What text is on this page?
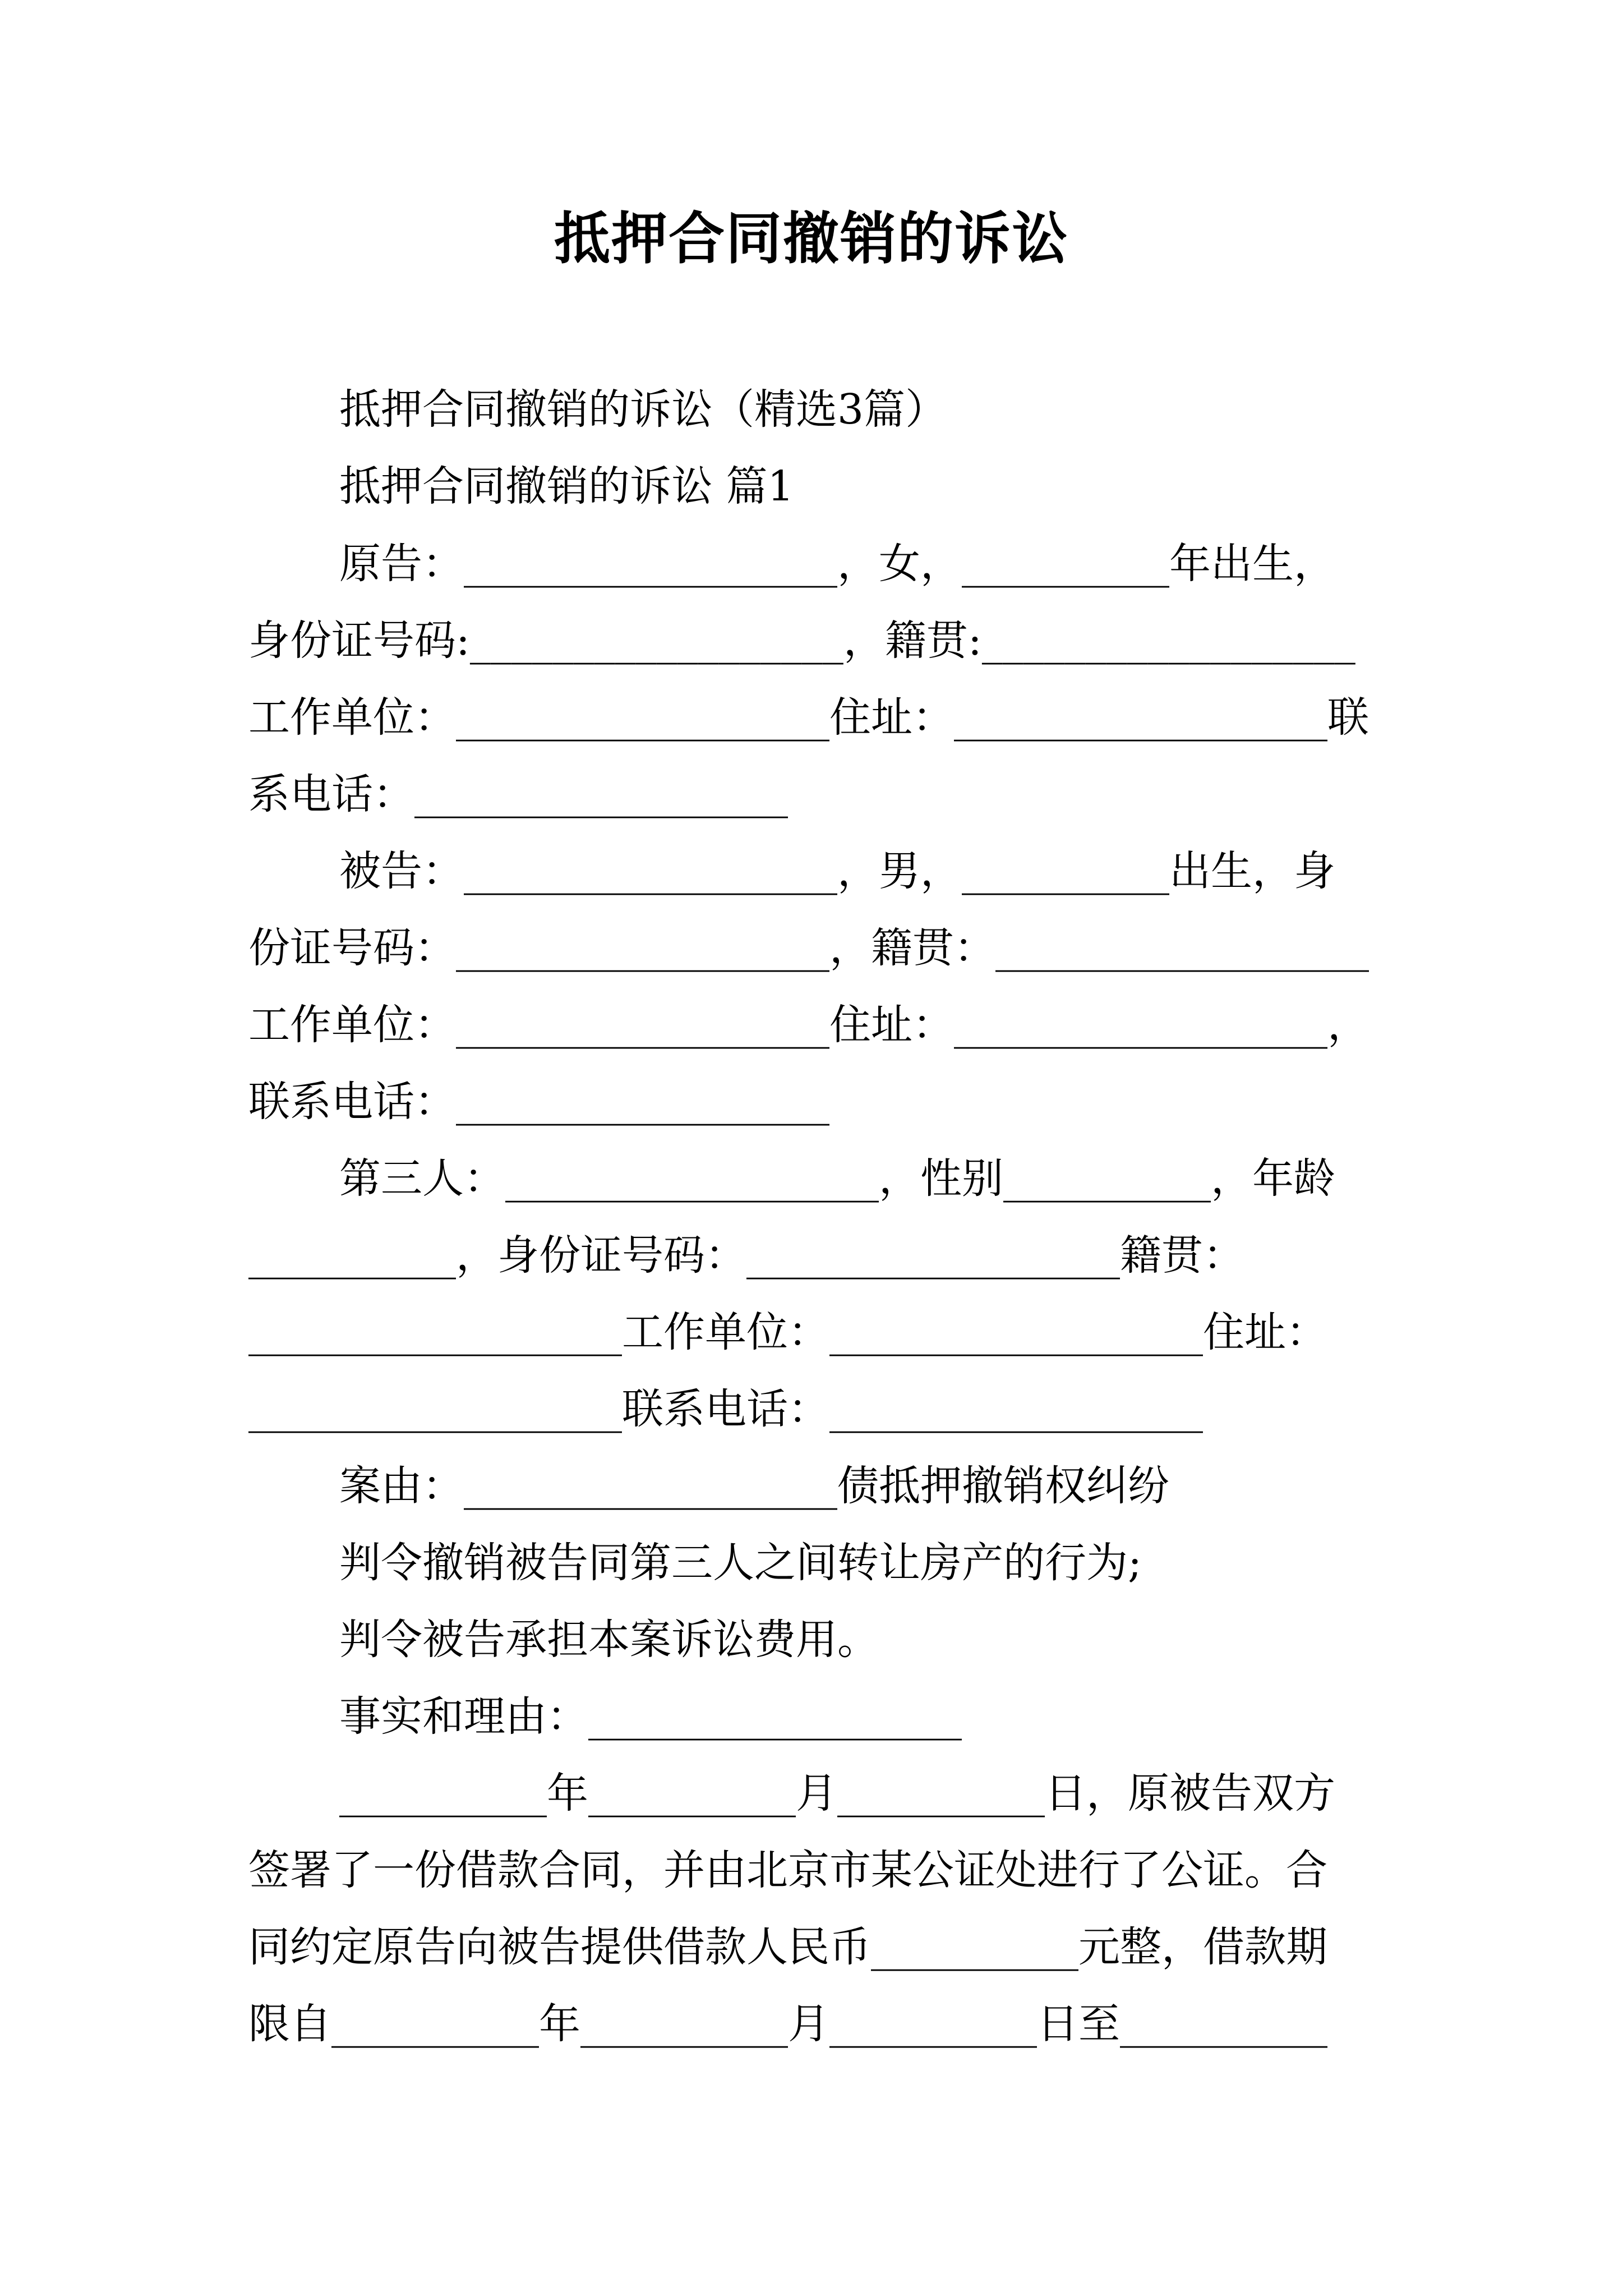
抵押合同撤销的诉讼
抵押合同撤销的诉讼（精选3篇）
抵押合同撤销的诉讼 篇1
原告：__________________，女，__________年出生，
身份证号码:__________________，籍贯:__________________
工作单位：__________________住址：__________________联
系电话：__________________
被告：__________________，男，__________出生，身
份证号码：__________________，籍贯：__________________
工作单位：__________________住址：__________________，
联系电话：__________________
第三人：__________________，性别__________，年龄
__________，身份证号码：__________________籍贯：
__________________工作单位：__________________住址：
__________________联系电话：__________________
案由：__________________债抵押撤销权纠纷
判令撤销被告同第三人之间转让房产的行为;
判令被告承担本案诉讼费用。
事实和理由：__________________
__________年__________月__________日，原被告双方
签署了一份借款合同，并由北京市某公证处进行了公证。合
同约定原告向被告提供借款人民币__________元整，借款期
限自__________年__________月__________日至__________
